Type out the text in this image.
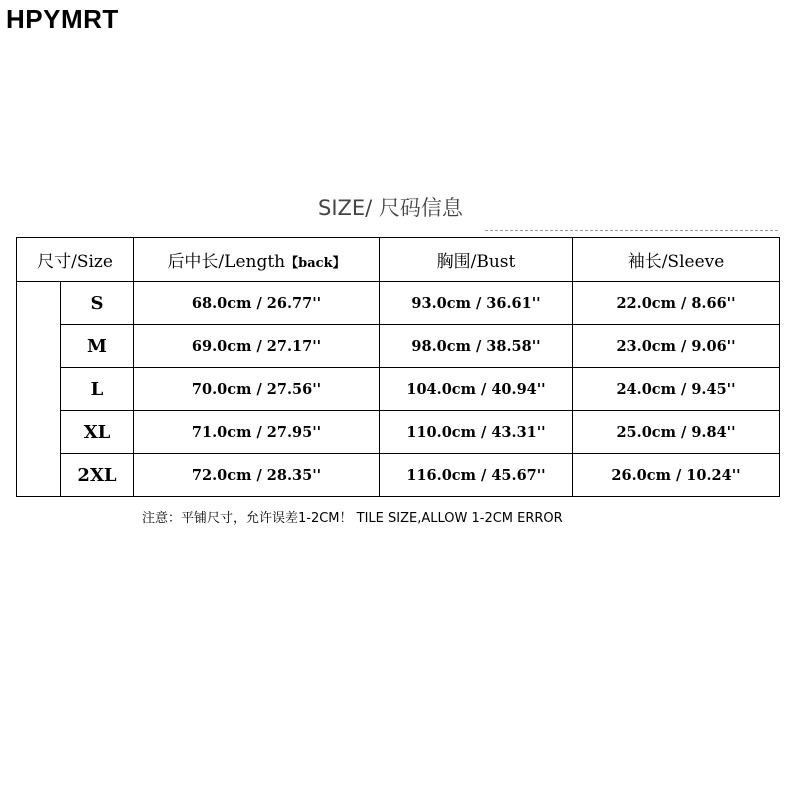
HPYMRT
SIZE/ 尺码信息
尺寸/Size		后中长/Length【back】	胸围/Bust	袖长/Sleeve
	S	68.0cm / 26.77''	93.0cm / 36.61''	22.0cm / 8.66''
	M	69.0cm / 27.17''	98.0cm / 38.58''	23.0cm / 9.06''
	L	70.0cm / 27.56''	104.0cm / 40.94''	24.0cm / 9.45''
	XL	71.0cm / 27.95''	110.0cm / 43.31''	25.0cm / 9.84''
	2XL	72.0cm / 28.35''	116.0cm / 45.67''	26.0cm / 10.24''
注意：平铺尺寸，允许误差1-2CM！ TILE SIZE,ALLOW 1-2CM ERROR
